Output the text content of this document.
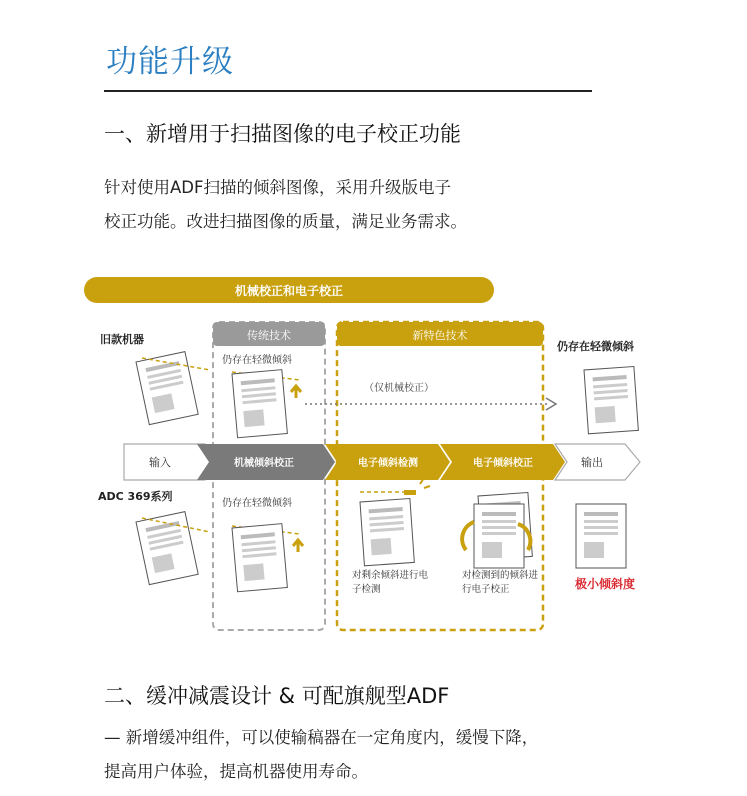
功能升级
一、新增用于扫描图像的电子校正功能
针对使用ADF扫描的倾斜图像，采用升级版电子
校正功能。改进扫描图像的质量，满足业务需求。
机械校正和电子校正
传统技术	新特色技术
旧款机器
ADC 369系列
仍存在轻微倾斜
（仅机械校正）
仍存在轻微倾斜
输入	机械倾斜校正	电子倾斜检测	电子倾斜校正	输出
仍存在轻微倾斜
对剩余倾斜进行电
子检测
对检测到的倾斜进
行电子校正	极小倾斜度
二、缓冲减震设计 & 可配旗舰型ADF
— 新增缓冲组件，可以使输稿器在一定角度内，缓慢下降，
提高用户体验，提高机器使用寿命。
